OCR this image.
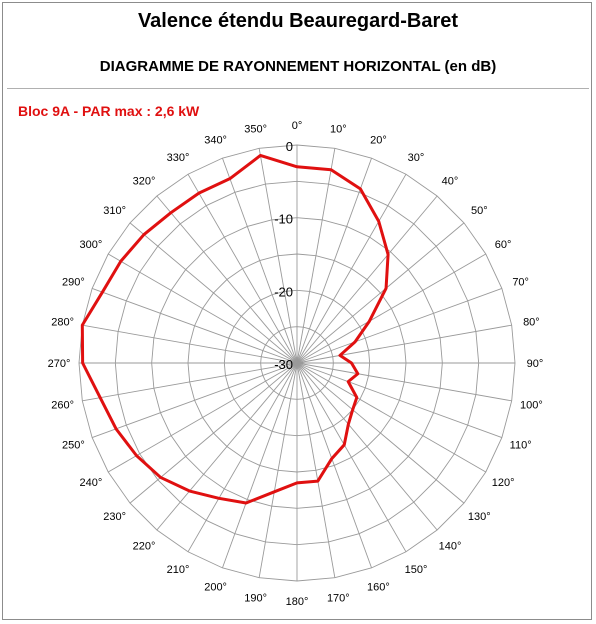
Valence étendu Beauregard-Baret
DIAGRAMME DE RAYONNEMENT HORIZONTAL (en dB)
Bloc 9A - PAR max : 2,6 kW
0°	10°
20°
30°
40°
50°
60°
70°
80°
90°
100°
110°
120°
130°
140°
150°
160°
170°
180°
190°
200°
210°
220°
230°
240°
250°
260°
270°
280°
290°
300°
310°
320°
330°
340°
350°
-30
-20
-10
0
